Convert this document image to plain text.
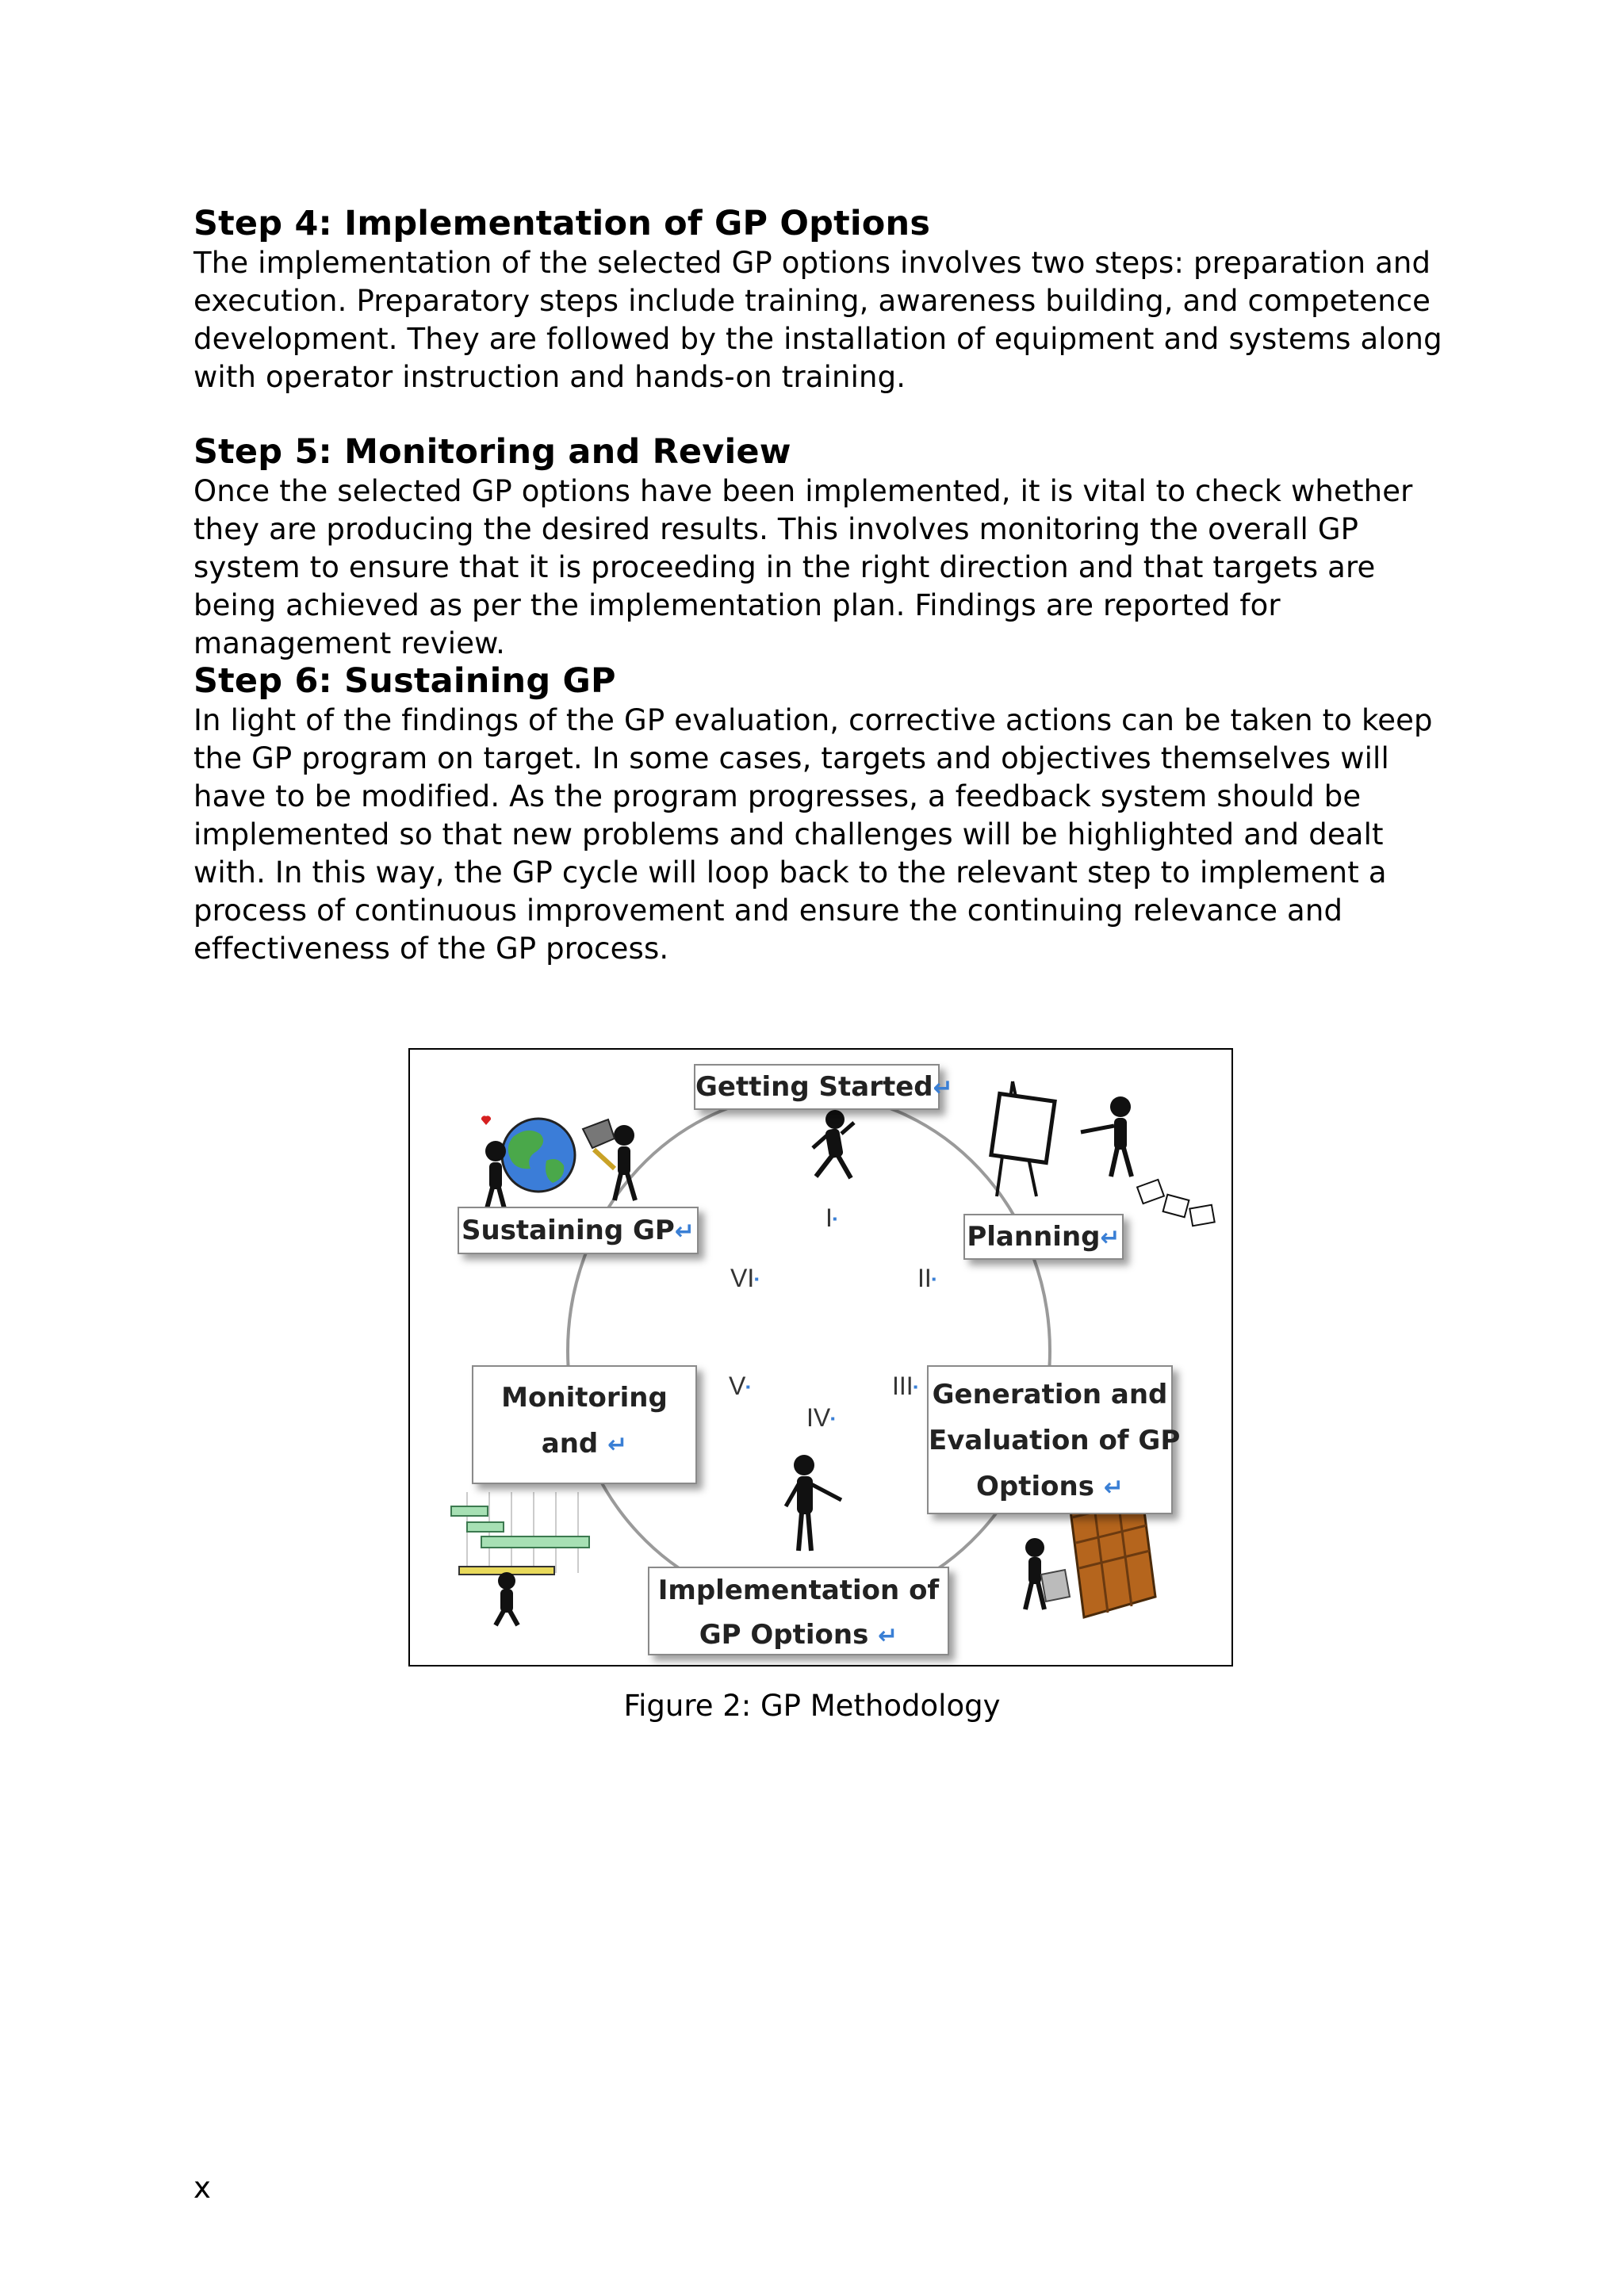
Step 4: Implementation of GP Options

The implementation of the selected GP options involves two steps: preparation and execution. Preparatory steps include training, awareness building, and competence development. They are followed by the installation of equipment and systems along with operator instruction and hands-on training.

Step 5: Monitoring and Review

Once the selected GP options have been implemented, it is vital to check whether they are producing the desired results. This involves monitoring the overall GP system to ensure that it is proceeding in the right direction and that targets are being achieved as per the implementation plan. Findings are reported for management review.

Step 6: Sustaining GP

In light of the findings of the GP evaluation, corrective actions can be taken to keep the GP program on target. In some cases, targets and objectives themselves will have to be modified. As the program progresses, a feedback system should be implemented so that new problems and challenges will be highlighted and dealt with. In this way, the GP cycle will loop back to the relevant step to implement a process of continuous improvement and ensure the continuing relevance and effectiveness of the GP process.

Getting Started↵
Planning↵
Sustaining GP↵
Monitoring
and ↵
Generation and
Evaluation of GP
Options ↵
Implementation of
GP Options ↵
I▪
II▪
III▪
IV▪
V▪
VI▪
Figure 2: GP Methodology
x
